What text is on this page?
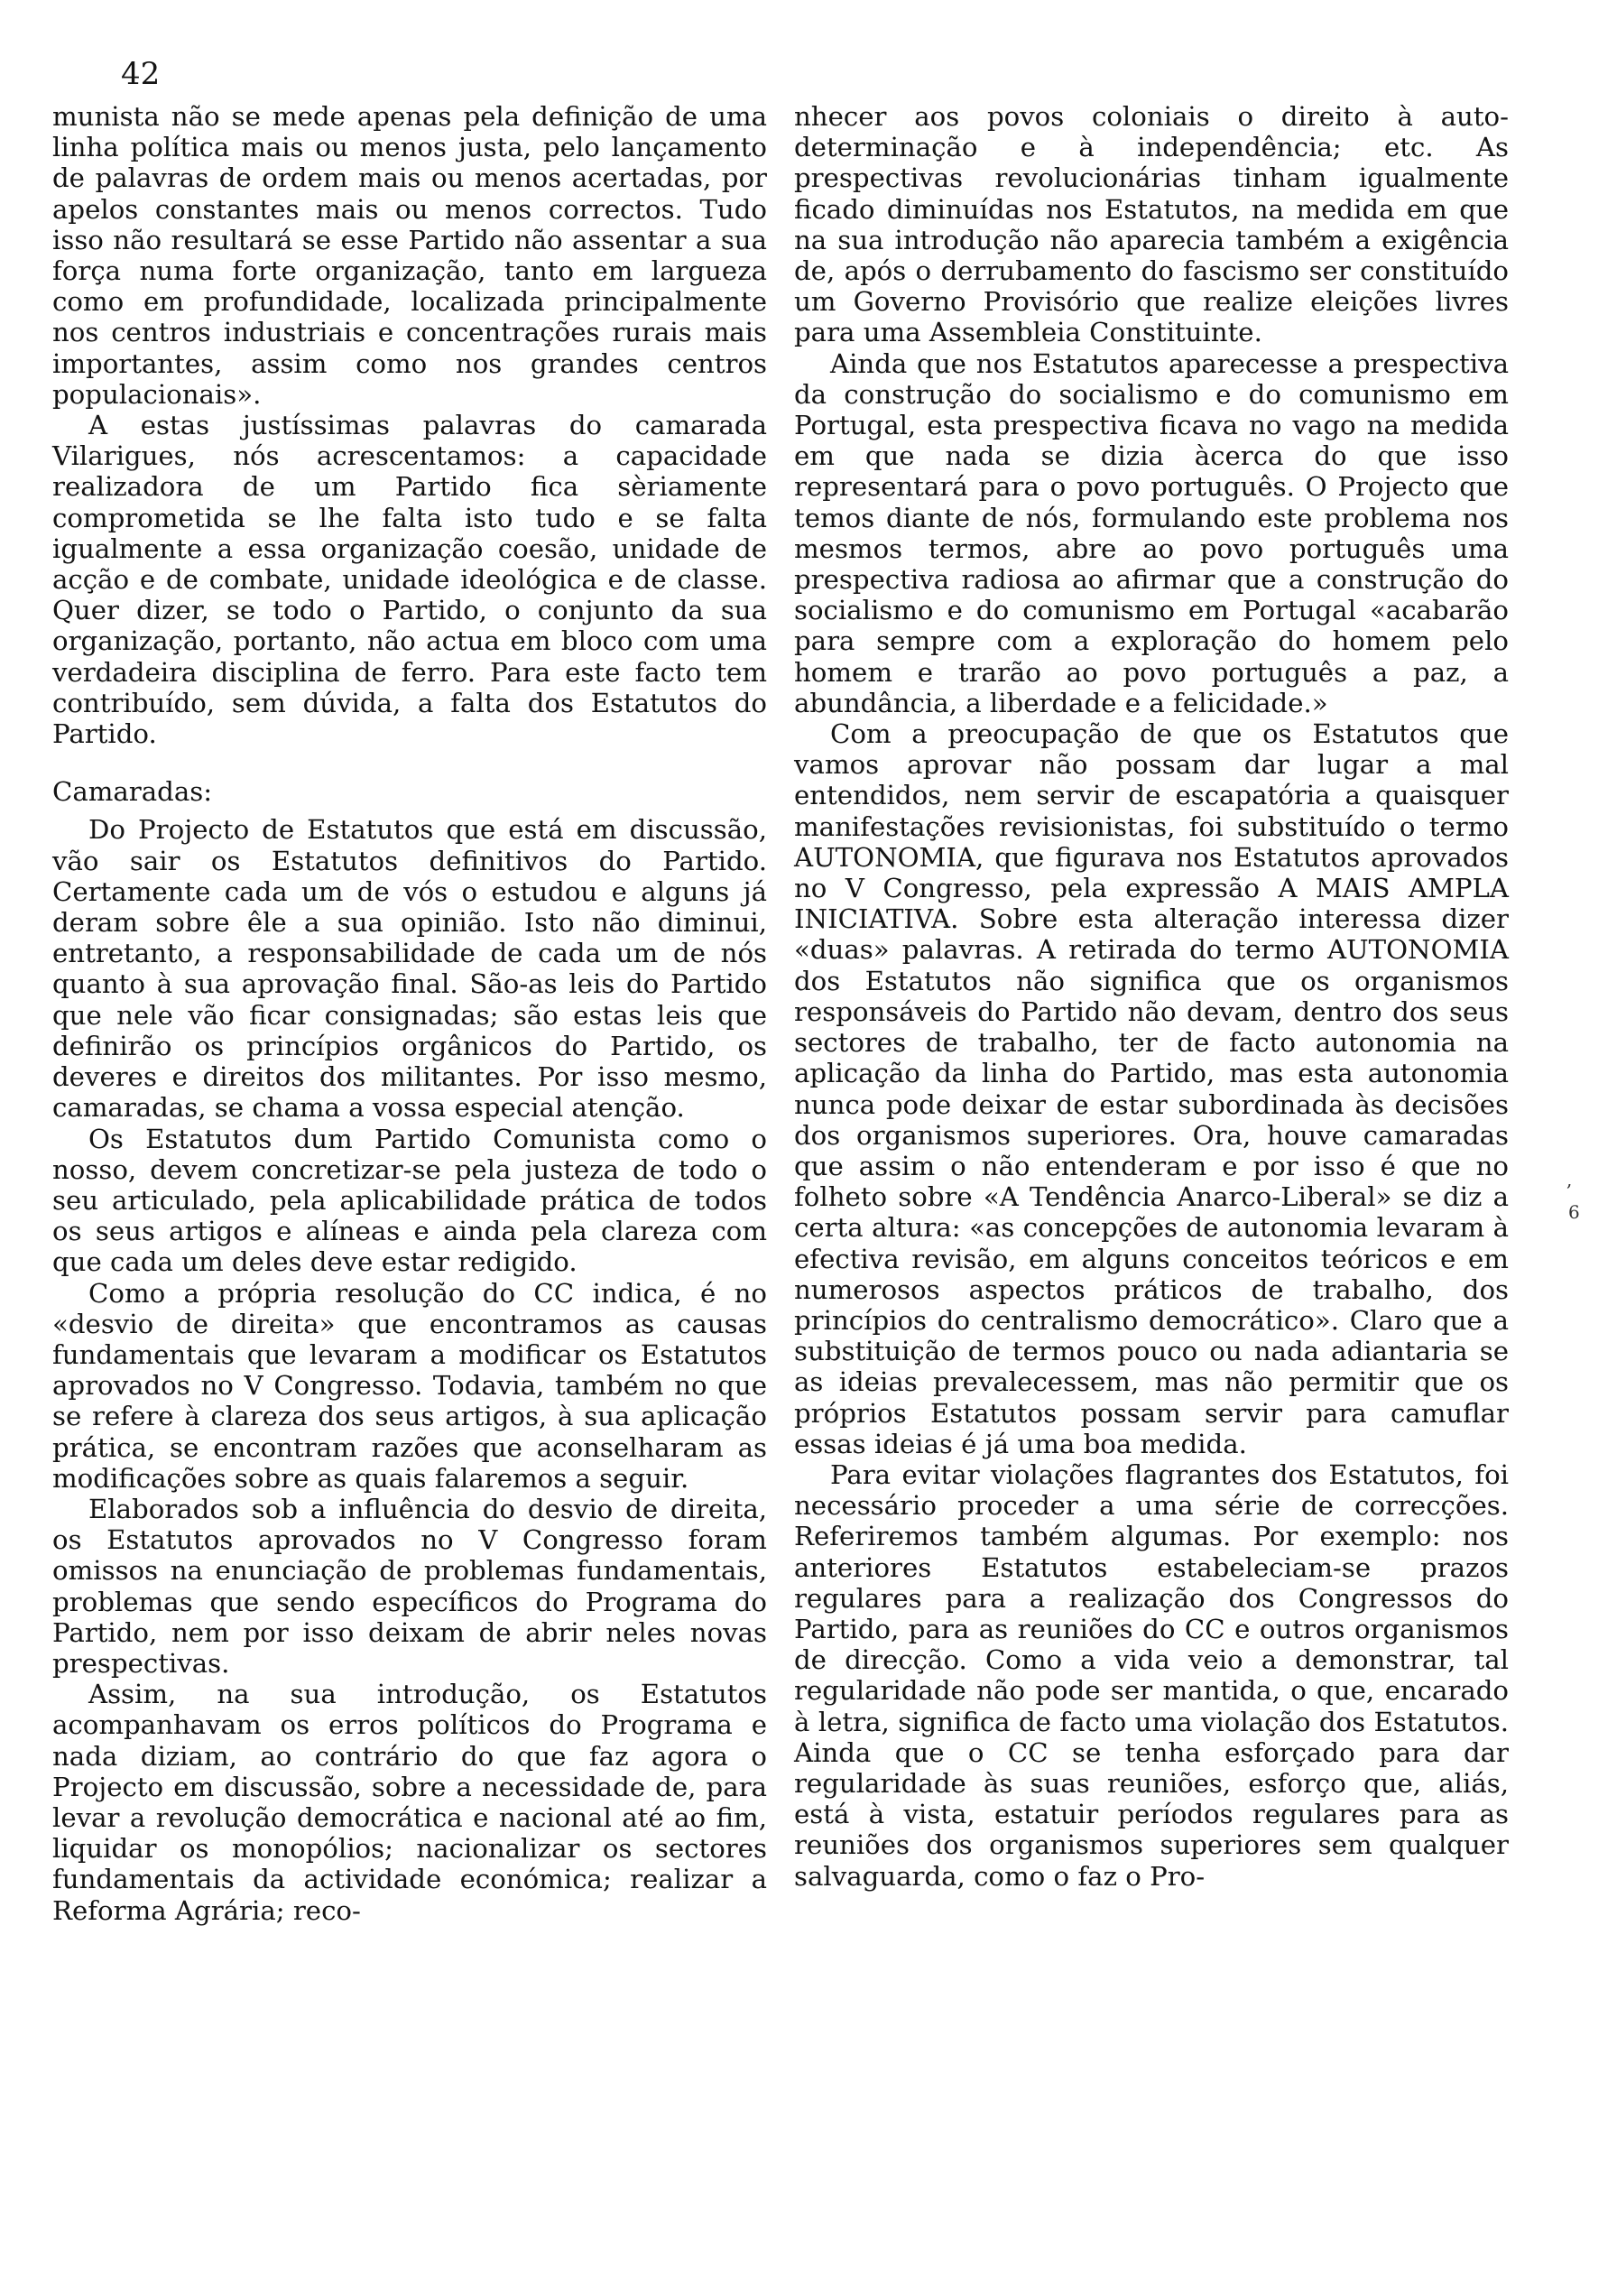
42

munista não se mede apenas pela definição de uma linha política mais ou menos justa, pelo lançamento de palavras de ordem mais ou menos acertadas, por apelos constantes mais ou menos correctos. Tudo isso não resultará se esse Partido não assentar a sua força numa forte organização, tanto em largueza como em profundidade, localizada principalmente nos centros industriais e concentrações rurais mais importantes, assim como nos grandes centros populacionais».

A estas justíssimas palavras do camarada Vilarigues, nós acrescentamos: a capacidade realizadora de um Partido fica sèriamente comprometida se lhe falta isto tudo e se falta igualmente a essa organização coesão, unidade de acção e de combate, unidade ideológica e de classe. Quer dizer, se todo o Partido, o conjunto da sua organização, portanto, não actua em bloco com uma verdadeira disciplina de ferro. Para este facto tem contribuído, sem dúvida, a falta dos Estatutos do Partido.

Camaradas:

Do Projecto de Estatutos que está em discussão, vão sair os Estatutos definitivos do Partido. Certamente cada um de vós o estudou e alguns já deram sobre êle a sua opinião. Isto não diminui, entretanto, a responsabilidade de cada um de nós quanto à sua aprovação final. São-as leis do Partido que nele vão ficar consignadas; são estas leis que definirão os princípios orgânicos do Partido, os deveres e direitos dos militantes. Por isso mesmo, camaradas, se chama a vossa especial atenção.

Os Estatutos dum Partido Comunista como o nosso, devem concretizar-se pela justeza de todo o seu articulado, pela aplicabilidade prática de todos os seus artigos e alíneas e ainda pela clareza com que cada um deles deve estar redigido.

Como a própria resolução do CC indica, é no «desvio de direita» que encontramos as causas fundamentais que levaram a modificar os Estatutos aprovados no V Congresso. Todavia, também no que se refere à clareza dos seus artigos, à sua aplicação prática, se encontram razões que aconselharam as modificações sobre as quais falaremos a seguir.

Elaborados sob a influência do desvio de direita, os Estatutos aprovados no V Congresso foram omissos na enunciação de problemas fundamentais, problemas que sendo específicos do Programa do Partido, nem por isso deixam de abrir neles novas prespectivas.

Assim, na sua introdução, os Estatutos acompanhavam os erros políticos do Programa e nada diziam, ao contrário do que faz agora o Projecto em discussão, sobre a necessidade de, para levar a revolução democrática e nacional até ao fim, liquidar os monopólios; nacionalizar os sectores fundamentais da actividade económica; realizar a Reforma Agrária; reco-

nhecer aos povos coloniais o direito à auto-determinação e à independência; etc. As prespectivas revolucionárias tinham igualmente ficado diminuídas nos Estatutos, na medida em que na sua introdução não aparecia também a exigência de, após o derrubamento do fascismo ser constituído um Governo Provisório que realize eleições livres para uma Assembleia Constituinte.

Ainda que nos Estatutos aparecesse a prespectiva da construção do socialismo e do comunismo em Portugal, esta prespectiva ficava no vago na medida em que nada se dizia àcerca do que isso representará para o povo português. O Projecto que temos diante de nós, formulando este problema nos mesmos termos, abre ao povo português uma prespectiva radiosa ao afirmar que a construção do socialismo e do comunismo em Portugal «acabarão para sempre com a exploração do homem pelo homem e trarão ao povo português a paz, a abundância, a liberdade e a felicidade.»

Com a preocupação de que os Estatutos que vamos aprovar não possam dar lugar a mal entendidos, nem servir de escapatória a quaisquer manifestações revisionistas, foi substituído o termo AUTONOMIA, que figurava nos Estatutos aprovados no V Congresso, pela expressão A MAIS AMPLA INICIATIVA. Sobre esta alteração interessa dizer «duas» palavras. A retirada do termo AUTONOMIA dos Estatutos não significa que os organismos responsáveis do Partido não devam, dentro dos seus sectores de trabalho, ter de facto autonomia na aplicação da linha do Partido, mas esta autonomia nunca pode deixar de estar subordinada às decisões dos organismos superiores. Ora, houve camaradas que assim o não entenderam e por isso é que no folheto sobre «A Tendência Anarco-Liberal» se diz a certa altura: «as concepções de autonomia levaram à efectiva revisão, em alguns conceitos teóricos e em numerosos aspectos práticos de trabalho, dos princípios do centralismo democrático». Claro que a substituição de termos pouco ou nada adiantaria se as ideias prevalecessem, mas não permitir que os próprios Estatutos possam servir para camuflar essas ideias é já uma boa medida.

Para evitar violações flagrantes dos Estatutos, foi necessário proceder a uma série de correcções. Referiremos também algumas. Por exemplo: nos anteriores Estatutos estabeleciam-se prazos regulares para a realização dos Congressos do Partido, para as reuniões do CC e outros organismos de direcção. Como a vida veio a demonstrar, tal regularidade não pode ser mantida, o que, encarado à letra, significa de facto uma violação dos Estatutos. Ainda que o CC se tenha esforçado para dar regularidade às suas reuniões, esforço que, aliás, está à vista, estatuir períodos regulares para as reuniões dos organismos superiores sem qualquer salvaguarda, como o faz o Pro-

,
6
